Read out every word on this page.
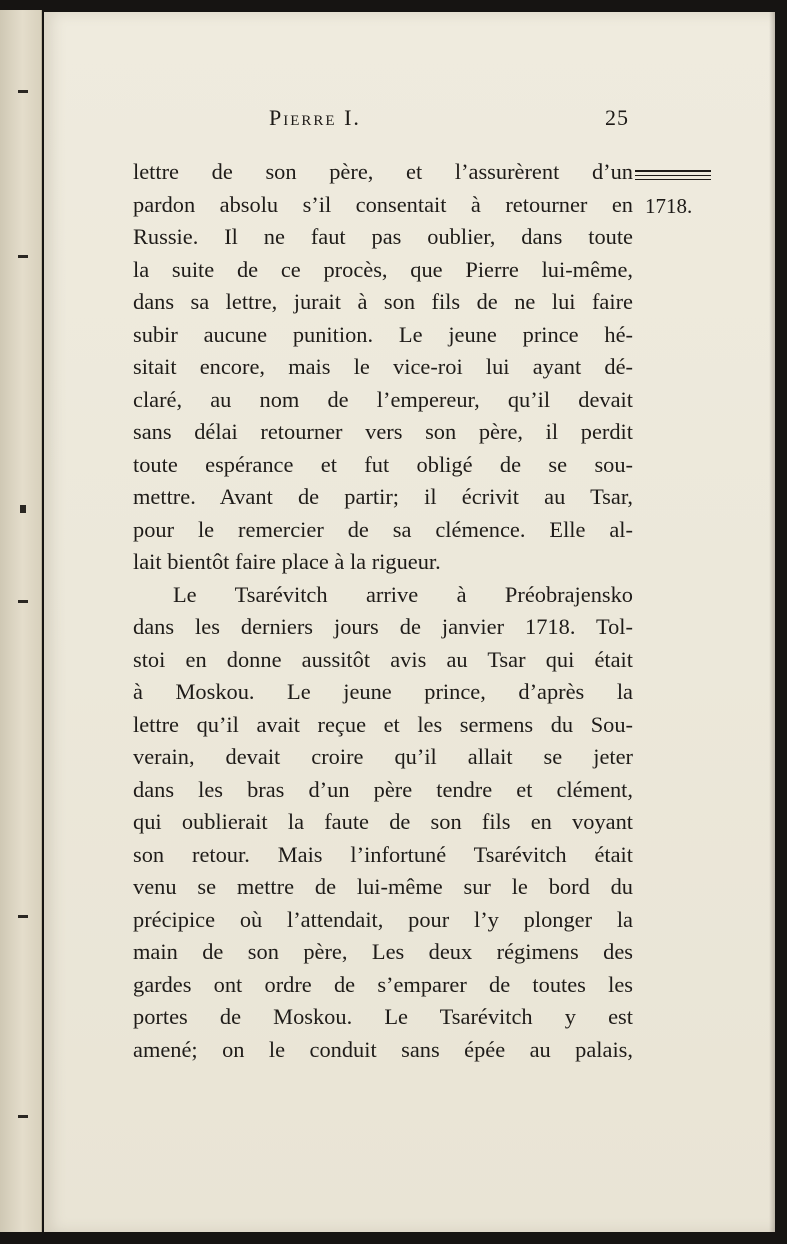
Pierre I.	25
1718.
lettre de son père, et l’assurèrent d’un
pardon absolu s’il consentait à retourner en
Russie. Il ne faut pas oublier, dans toute
la suite de ce procès, que Pierre lui-même,
dans sa lettre, jurait à son fils de ne lui faire
subir aucune punition. Le jeune prince hé-
sitait encore, mais le vice-roi lui ayant dé-
claré, au nom de l’empereur, qu’il devait
sans délai retourner vers son père, il perdit
toute espérance et fut obligé de se sou-
mettre. Avant de partir; il écrivit au Tsar,
pour le remercier de sa clémence. Elle al-
lait bientôt faire place à la rigueur.
Le Tsarévitch arrive à Préobrajensko
dans les derniers jours de janvier 1718. Tol-
stoi en donne aussitôt avis au Tsar qui était
à Moskou. Le jeune prince, d’après la
lettre qu’il avait reçue et les sermens du Sou-
verain, devait croire qu’il allait se jeter
dans les bras d’un père tendre et clément,
qui oublierait la faute de son fils en voyant
son retour. Mais l’infortuné Tsarévitch était
venu se mettre de lui-même sur le bord du
précipice où l’attendait, pour l’y plonger la
main de son père, Les deux régimens des
gardes ont ordre de s’emparer de toutes les
portes de Moskou. Le Tsarévitch y est
amené; on le conduit sans épée au palais,
